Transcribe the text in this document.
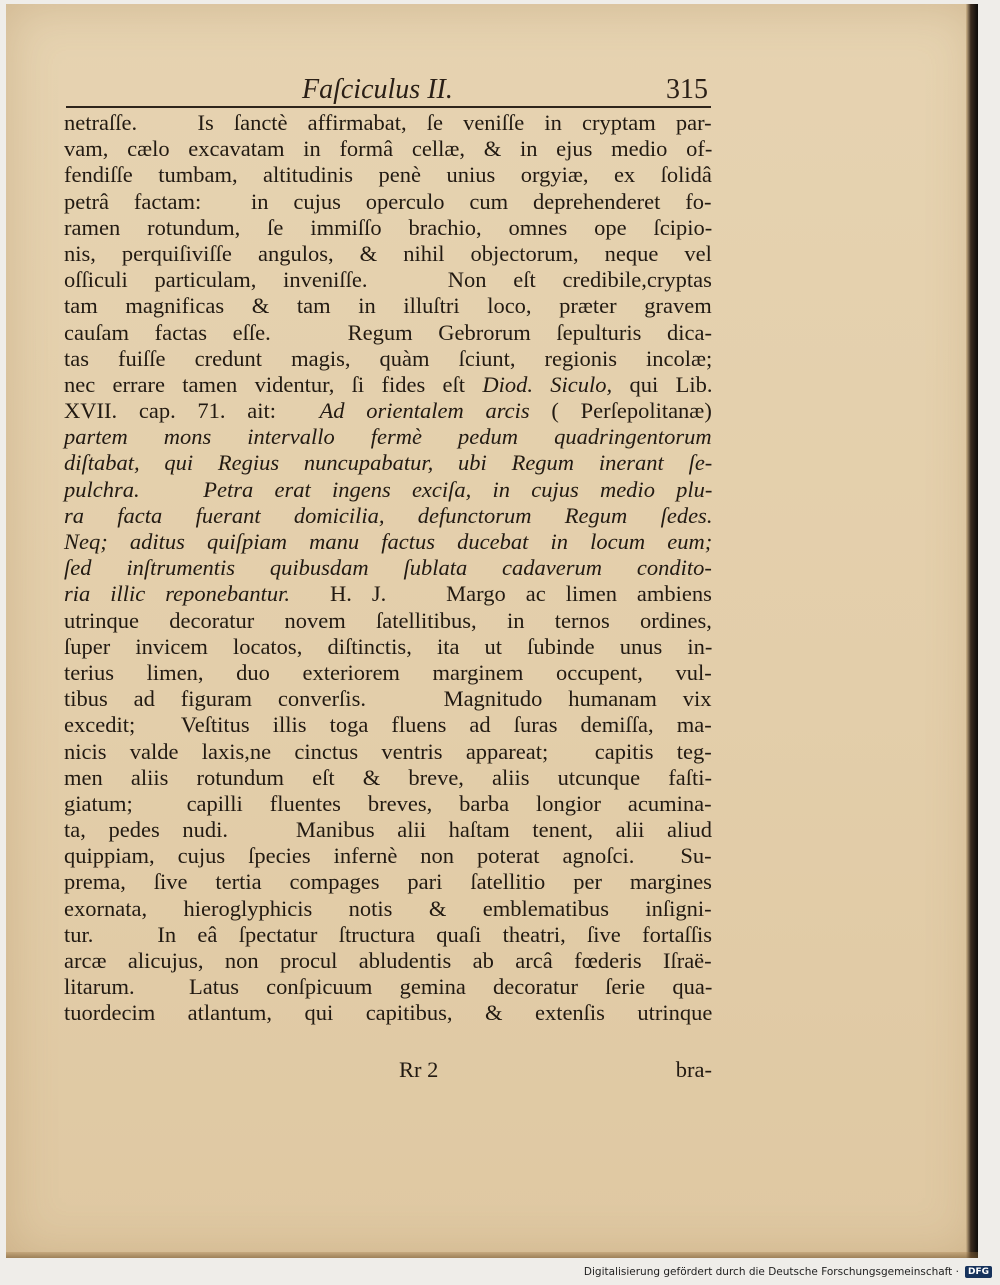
Faſciculus II.	315
netraſſe.   Is ſanctè affirmabat, ſe veniſſe in cryptam par-
vam, cælo excavatam in formâ cellæ, & in ejus medio of-
fendiſſe tumbam, altitudinis penè unius orgyiæ, ex ſolidâ
petrâ factam:  in cujus operculo cum deprehenderet fo-
ramen rotundum, ſe immiſſo brachio, omnes ope ſcipio-
nis, perquiſiviſſe angulos, & nihil objectorum, neque vel
oſſiculi particulam, inveniſſe.   Non eſt credibile,cryptas
tam magnificas & tam in illuſtri loco, præter gravem
cauſam factas eſſe.   Regum Gebrorum ſepulturis dica-
tas fuiſſe credunt magis, quàm ſciunt, regionis incolæ;
nec errare tamen videntur, ſi fides eſt Diod. Siculo, qui Lib.
XVII. cap. 71. ait:  Ad orientalem arcis ( Perſepolitanæ)
partem mons intervallo fermè pedum quadringentorum
diſtabat, qui Regius nuncupabatur, ubi Regum inerant ſe-
pulchra.   Petra erat ingens exciſa, in cujus medio plu-
ra facta fuerant domicilia, defunctorum Regum ſedes.
Neq; aditus quiſpiam manu factus ducebat in locum eum;
ſed inſtrumentis quibusdam ſublata cadaverum condito-
ria illic reponebantur.  H. J.   Margo ac limen ambiens
utrinque decoratur novem ſatellitibus, in ternos ordines,
ſuper invicem locatos, diſtinctis, ita ut ſubinde unus in-
terius limen, duo exteriorem marginem occupent, vul-
tibus ad figuram converſis.   Magnitudo humanam vix
excedit;  Veſtitus illis toga fluens ad ſuras demiſſa, ma-
nicis valde laxis,ne cinctus ventris appareat;  capitis teg-
men aliis rotundum eſt & breve, aliis utcunque faſti-
giatum;  capilli fluentes breves, barba longior acumina-
ta, pedes nudi.   Manibus alii haſtam tenent, alii aliud
quippiam, cujus ſpecies infernè non poterat agnoſci.  Su-
prema, ſive tertia compages pari ſatellitio per margines
exornata, hieroglyphicis notis & emblematibus inſigni-
tur.   In eâ ſpectatur ſtructura quaſi theatri, ſive fortaſſis
arcæ alicujus, non procul abludentis ab arcâ fœderis Iſraë-
litarum.  Latus conſpicuum gemina decoratur ſerie qua-
tuordecim atlantum, qui capitibus, & extenſis utrinque
Rr 2	bra-
Digitalisierung gefördert durch die Deutsche Forschungsgemeinschaft ·	DFG
